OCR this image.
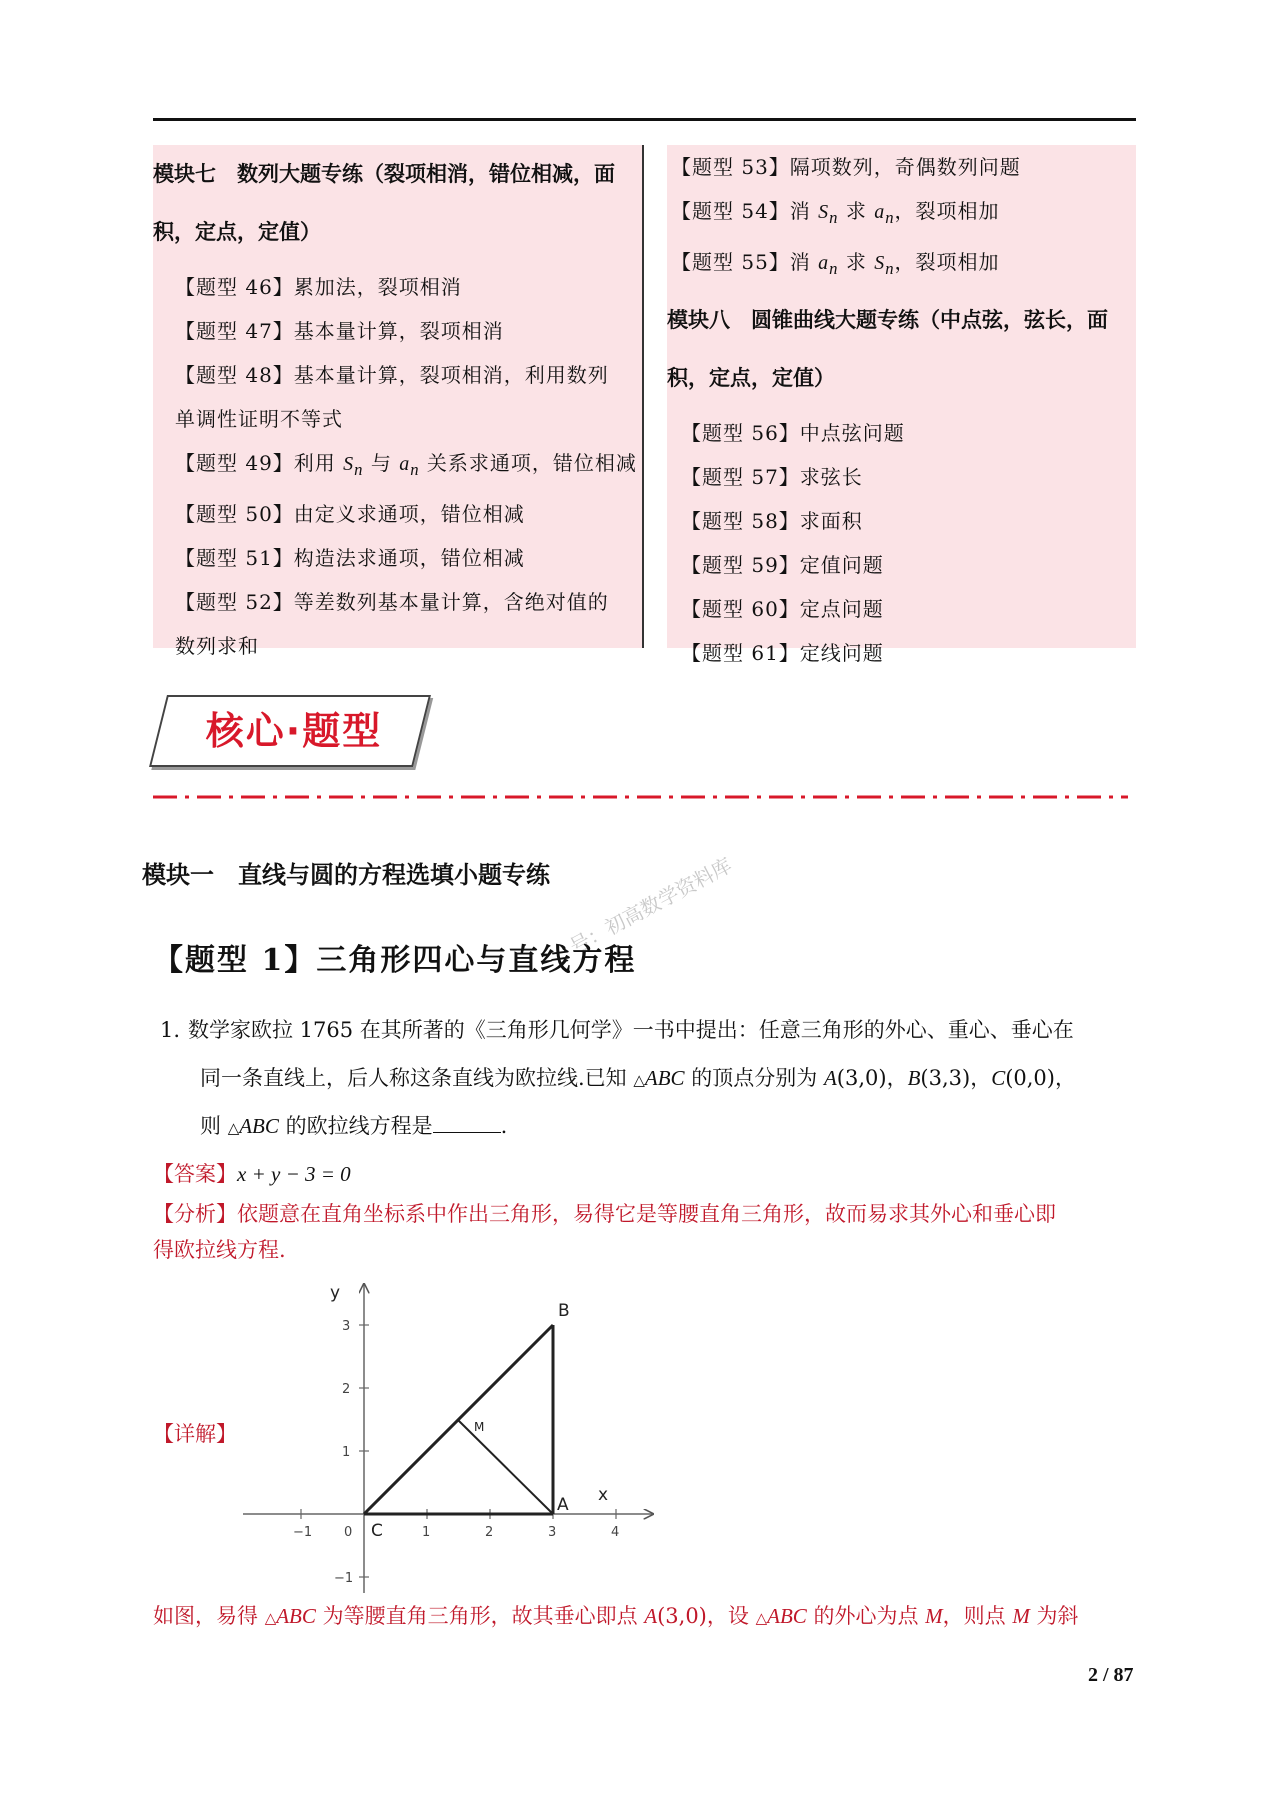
模块七　数列大题专练（裂项相消，错位相减，面
积，定点，定值）
【题型 46】累加法，裂项相消
【题型 47】基本量计算，裂项相消
【题型 48】基本量计算，裂项相消，利用数列
单调性证明不等式
【题型 49】利用 $S_n$ 与 $a_n$ 关系求通项，错位相减
【题型 50】由定义求通项，错位相减
【题型 51】构造法求通项，错位相减
【题型 52】等差数列基本量计算，含绝对值的
数列求和
【题型 53】隔项数列，奇偶数列问题
【题型 54】消 $S_n$ 求 $a_n$，裂项相加
【题型 55】消 $a_n$ 求 $S_n$，裂项相加
模块八　圆锥曲线大题专练（中点弦，弦长，面
积，定点，定值）
【题型 56】中点弦问题
【题型 57】求弦长
【题型 58】求面积
【题型 59】定值问题
【题型 60】定点问题
【题型 61】定线问题
核心·题型
模块一　直线与圆的方程选填小题专练 号：初高数学资料库
【题型 1】三角形四心与直线方程
1. 数学家欧拉 1765 在其所著的《三角形几何学》一书中提出：任意三角形的外心、重心、垂心在
同一条直线上，后人称这条直线为欧拉线.已知 △ABC 的顶点分别为 A(3,0)，B(3,3)，C(0,0)，
则 △ABC 的欧拉线方程是	.
【答案】x + y − 3 = 0
【分析】依题意在直角坐标系中作出三角形，易得它是等腰直角三角形，故而易求其外心和垂心即
得欧拉线方程.
【详解】
−1 0	1	2	3	4
3
2
1
−1
y
x
B
A
C
M
如图，易得 △ABC 为等腰直角三角形，故其垂心即点 A(3,0)，设 △ABC 的外心为点 M，则点 M 为斜
2 / 87
